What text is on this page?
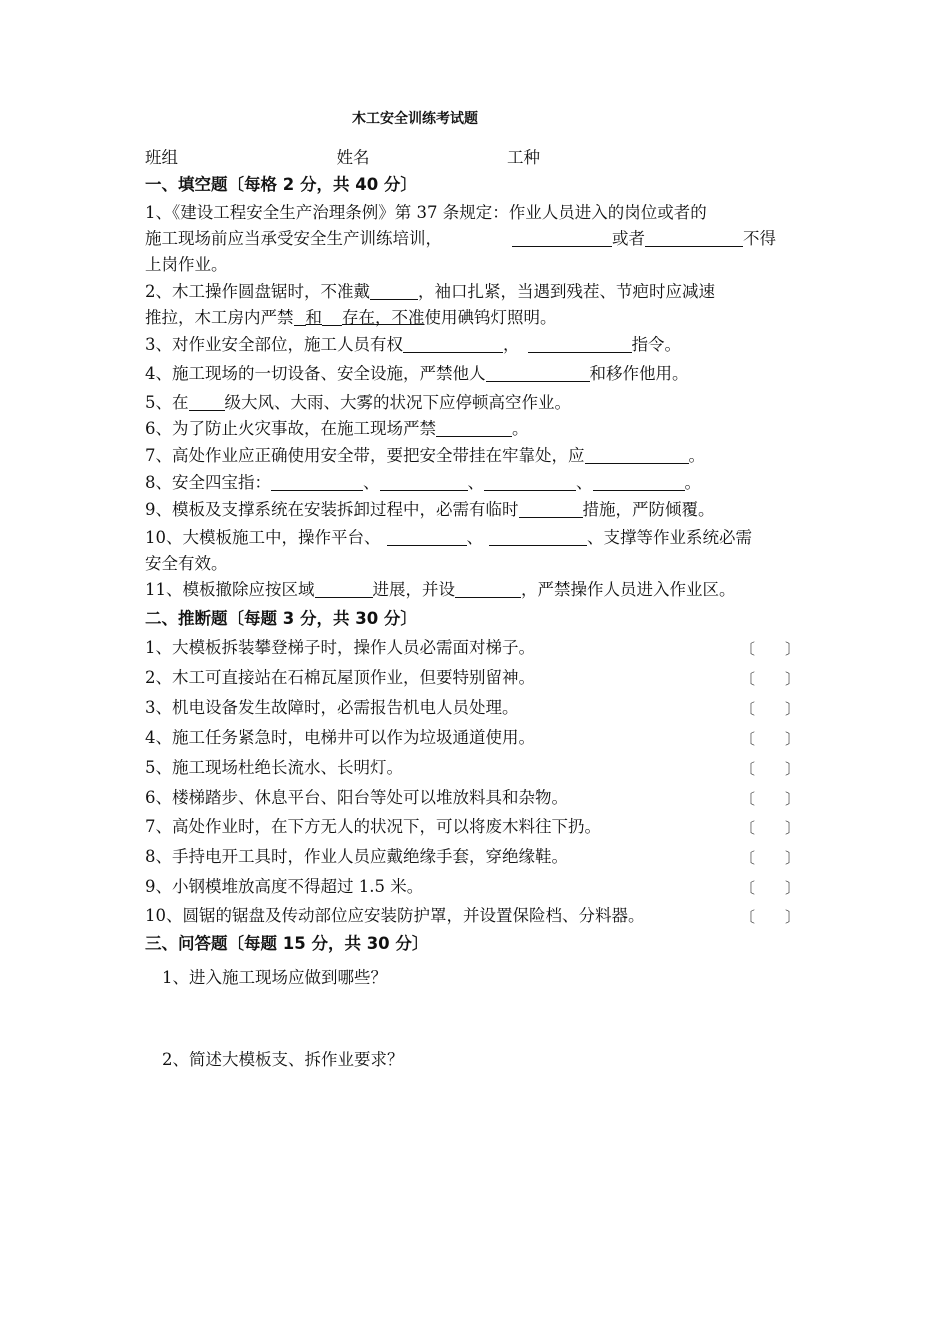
木工安全训练考试题
班组	姓名	工种
一、填空题〔每格 2 分，共 40 分〕
1、《建设工程安全生产治理条例》第 37 条规定：作业人员进入的岗位或者的
施工现场前应当承受安全生产训练培训，	或者	不得
上岗作业。
2、木工操作圆盘锯时，不准戴	，袖口扎紧，当遇到残茬、节疤时应减速
推拉，木工房内严禁 和 存在，不准使用碘钨灯照明。
3、对作业安全部位，施工人员有权	，	指令。
4、施工现场的一切设备、安全设施，严禁他人	和移作他用。
5、在 级大风、大雨、大雾的状况下应停顿高空作业。
6、为了防止火灾事故，在施工现场严禁	。
7、高处作业应正确使用安全带，要把安全带挂在牢靠处，应	。
8、安全四宝指：	、	、	、	。
9、模板及支撑系统在安装拆卸过程中，必需有临时	措施，严防倾覆。
10、大模板施工中，操作平台、	、	、支撑等作业系统必需
安全有效。
11、模板撤除应按区域	进展，并设	，严禁操作人员进入作业区。
二、推断题〔每题 3 分，共 30 分〕
1、大模板拆装攀登梯子时，操作人员必需面对梯子。	〔　　〕
2、木工可直接站在石棉瓦屋顶作业，但要特别留神。	〔　　〕
3、机电设备发生故障时，必需报告机电人员处理。	〔　　〕
4、施工任务紧急时，电梯井可以作为垃圾通道使用。	〔　　〕
5、施工现场杜绝长流水、长明灯。	〔　　〕
6、楼梯踏步、休息平台、阳台等处可以堆放料具和杂物。	〔　　〕
7、高处作业时，在下方无人的状况下，可以将废木料往下扔。	〔　　〕
8、手持电开工具时，作业人员应戴绝缘手套，穿绝缘鞋。	〔　　〕
9、小钢模堆放高度不得超过 1.5 米。	〔　　〕
10、圆锯的锯盘及传动部位应安装防护罩，并设置保险档、分料器。	〔　　〕
三、问答题〔每题 15 分，共 30 分〕
1、进入施工现场应做到哪些？
2、简述大模板支、拆作业要求？
